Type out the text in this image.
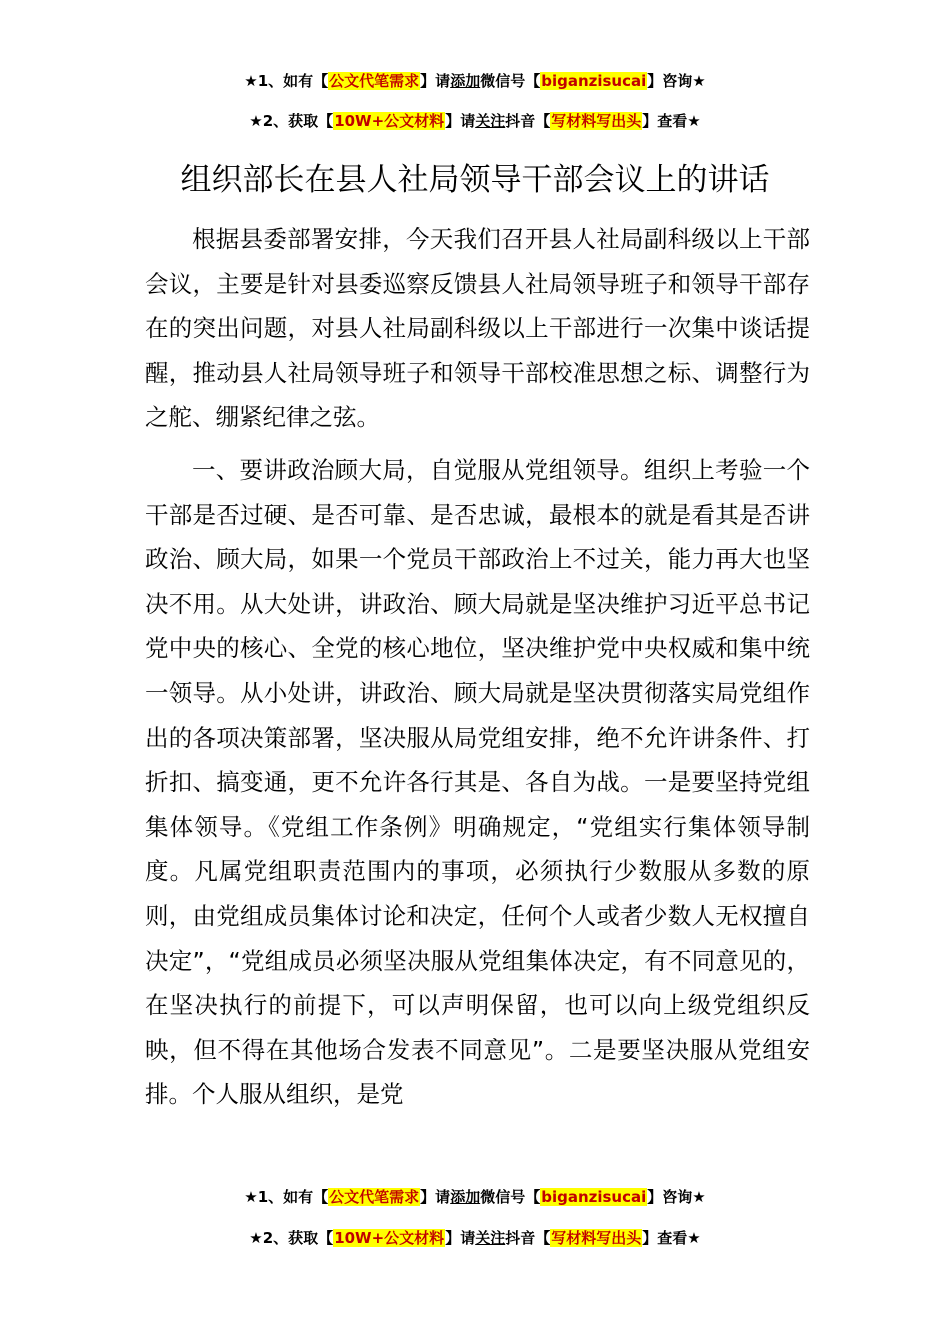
★1、如有【公文代笔需求】请添加微信号【biganzisucai】咨询★
★2、获取【10W+公文材料】请关注抖音【写材料写出头】查看★
组织部长在县人社局领导干部会议上的讲话

根据县委部署安排，今天我们召开县人社局副科级以上干部会议，主要是针对县委巡察反馈县人社局领导班子和领导干部存在的突出问题，对县人社局副科级以上干部进行一次集中谈话提醒，推动县人社局领导班子和领导干部校准思想之标、调整行为之舵、绷紧纪律之弦。

一、要讲政治顾大局，自觉服从党组领导。组织上考验一个干部是否过硬、是否可靠、是否忠诚，最根本的就是看其是否讲政治、顾大局，如果一个党员干部政治上不过关，能力再大也坚决不用。从大处讲，讲政治、顾大局就是坚决维护习近平总书记党中央的核心、全党的核心地位，坚决维护党中央权威和集中统一领导。从小处讲，讲政治、顾大局就是坚决贯彻落实局党组作出的各项决策部署，坚决服从局党组安排，绝不允许讲条件、打折扣、搞变通，更不允许各行其是、各自为战。一是要坚持党组集体领导。《党组工作条例》明确规定，“党组实行集体领导制度。凡属党组职责范围内的事项，必须执行少数服从多数的原则，由党组成员集体讨论和决定，任何个人或者少数人无权擅自决定”，“党组成员必须坚决服从党组集体决定，有不同意见的，在坚决执行的前提下，可以声明保留，也可以向上级党组织反映，但不得在其他场合发表不同意见”。二是要坚决服从党组安排。个人服从组织，是党

★1、如有【公文代笔需求】请添加微信号【biganzisucai】咨询★
★2、获取【10W+公文材料】请关注抖音【写材料写出头】查看★
